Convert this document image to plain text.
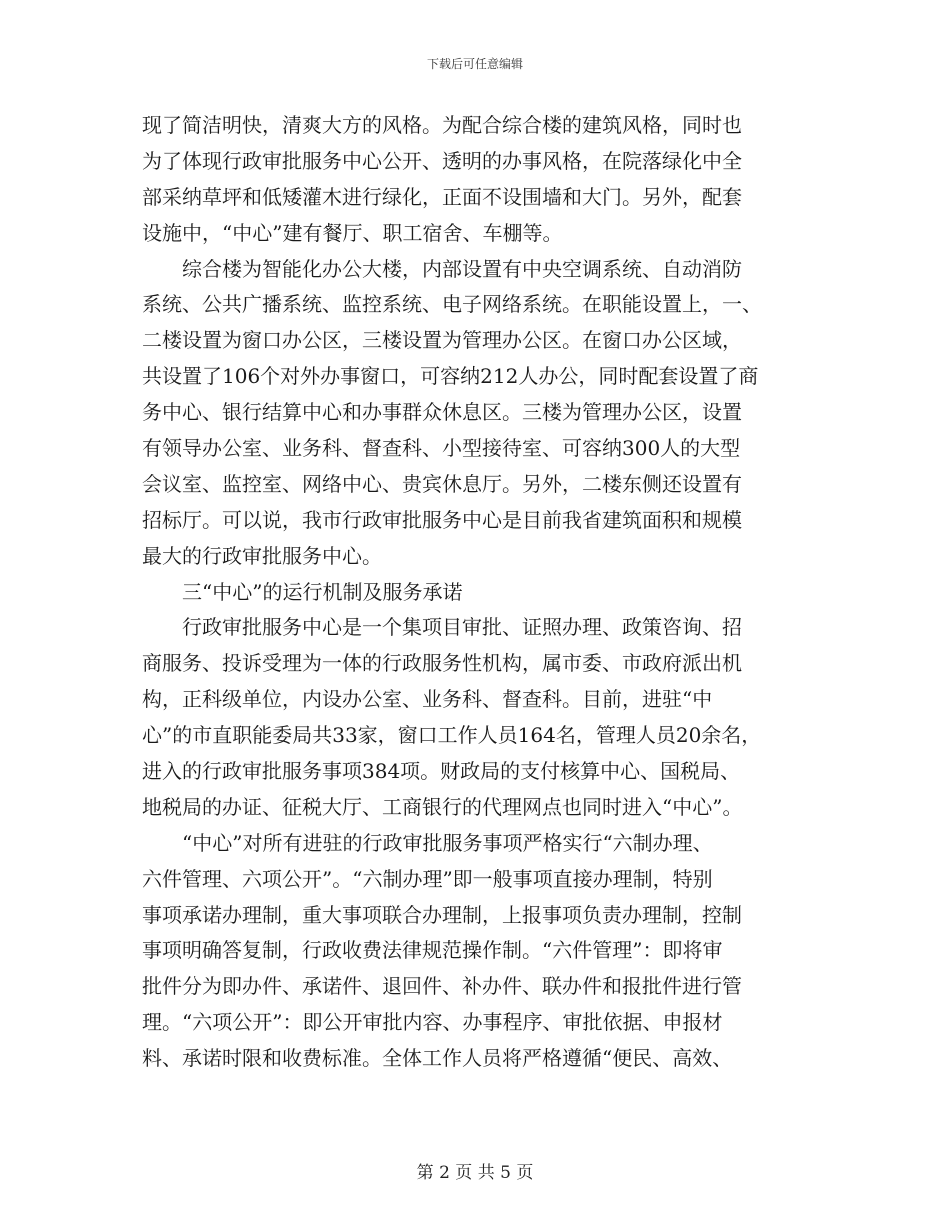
下载后可任意编辑
现了简洁明快，清爽大方的风格。为配合综合楼的建筑风格，同时也
为了体现行政审批服务中心公开、透明的办事风格，在院落绿化中全
部采纳草坪和低矮灌木进行绿化，正面不设围墙和大门。另外，配套
设施中，“中心”建有餐厅、职工宿舍、车棚等。
综合楼为智能化办公大楼，内部设置有中央空调系统、自动消防
系统、公共广播系统、监控系统、电子网络系统。在职能设置上，一、
二楼设置为窗口办公区，三楼设置为管理办公区。在窗口办公区域，
共设置了106个对外办事窗口，可容纳212人办公，同时配套设置了商
务中心、银行结算中心和办事群众休息区。三楼为管理办公区，设置
有领导办公室、业务科、督查科、小型接待室、可容纳300人的大型
会议室、监控室、网络中心、贵宾休息厅。另外，二楼东侧还设置有
招标厅。可以说，我市行政审批服务中心是目前我省建筑面积和规模
最大的行政审批服务中心。
三“中心”的运行机制及服务承诺
行政审批服务中心是一个集项目审批、证照办理、政策咨询、招
商服务、投诉受理为一体的行政服务性机构，属市委、市政府派出机
构，正科级单位，内设办公室、业务科、督查科。目前，进驻“中
心”的市直职能委局共33家，窗口工作人员164名，管理人员20余名，
进入的行政审批服务事项384项。财政局的支付核算中心、国税局、
地税局的办证、征税大厅、工商银行的代理网点也同时进入“中心”。
“中心”对所有进驻的行政审批服务事项严格实行“六制办理、
六件管理、六项公开”。“六制办理”即一般事项直接办理制，特别
事项承诺办理制，重大事项联合办理制，上报事项负责办理制，控制
事项明确答复制，行政收费法律规范操作制。“六件管理”：即将审
批件分为即办件、承诺件、退回件、补办件、联办件和报批件进行管
理。“六项公开”：即公开审批内容、办事程序、审批依据、申报材
料、承诺时限和收费标准。全体工作人员将严格遵循“便民、高效、
第 2 页 共 5 页
